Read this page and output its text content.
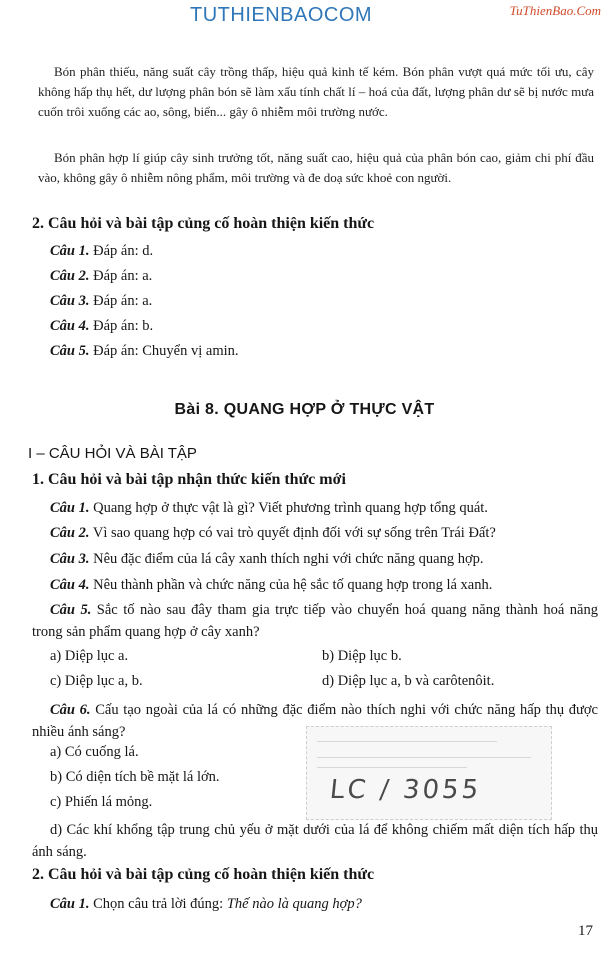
TUTHIENBAOCOM	TuThienBao.Com

Bón phân thiếu, năng suất cây trồng thấp, hiệu quả kinh tế kém. Bón phân vượt quá mức tối ưu, cây không hấp thụ hết, dư lượng phân bón sẽ làm xấu tính chất lí – hoá của đất, lượng phân dư sẽ bị nước mưa cuốn trôi xuống các ao, sông, biển... gây ô nhiễm môi trường nước.

Bón phân hợp lí giúp cây sinh trưởng tốt, năng suất cao, hiệu quả của phân bón cao, giảm chi phí đầu vào, không gây ô nhiễm nông phẩm, môi trường và đe doạ sức khoẻ con người.

2. Câu hỏi và bài tập củng cố hoàn thiện kiến thức

Câu 1. Đáp án: d.

Câu 2. Đáp án: a.

Câu 3. Đáp án: a.

Câu 4. Đáp án: b.

Câu 5. Đáp án: Chuyển vị amin.

Bài 8. QUANG HỢP Ở THỰC VẬT
I – CÂU HỎI VÀ BÀI TẬP
1. Câu hỏi và bài tập nhận thức kiến thức mới

Câu 1. Quang hợp ở thực vật là gì? Viết phương trình quang hợp tổng quát.

Câu 2. Vì sao quang hợp có vai trò quyết định đối với sự sống trên Trái Đất?

Câu 3. Nêu đặc điểm của lá cây xanh thích nghi với chức năng quang hợp.

Câu 4. Nêu thành phần và chức năng của hệ sắc tố quang hợp trong lá xanh.

Câu 5. Sắc tố nào sau đây tham gia trực tiếp vào chuyển hoá quang năng thành hoá năng trong sản phẩm quang hợp ở cây xanh?

a) Diệp lục a.	b) Diệp lục b.

c) Diệp lục a, b.	d) Diệp lục a, b và carôtenôit.

Câu 6. Cấu tạo ngoài của lá có những đặc điểm nào thích nghi với chức năng hấp thụ được nhiều ánh sáng?

a) Có cuống lá.

b) Có diện tích bề mặt lá lớn.

c) Phiến lá mỏng.	LC / 3055

d) Các khí khổng tập trung chủ yếu ở mặt dưới của lá để không chiếm mất diện tích hấp thụ ánh sáng.

2. Câu hỏi và bài tập củng cố hoàn thiện kiến thức

Câu 1. Chọn câu trả lời đúng: Thế nào là quang hợp?

17
